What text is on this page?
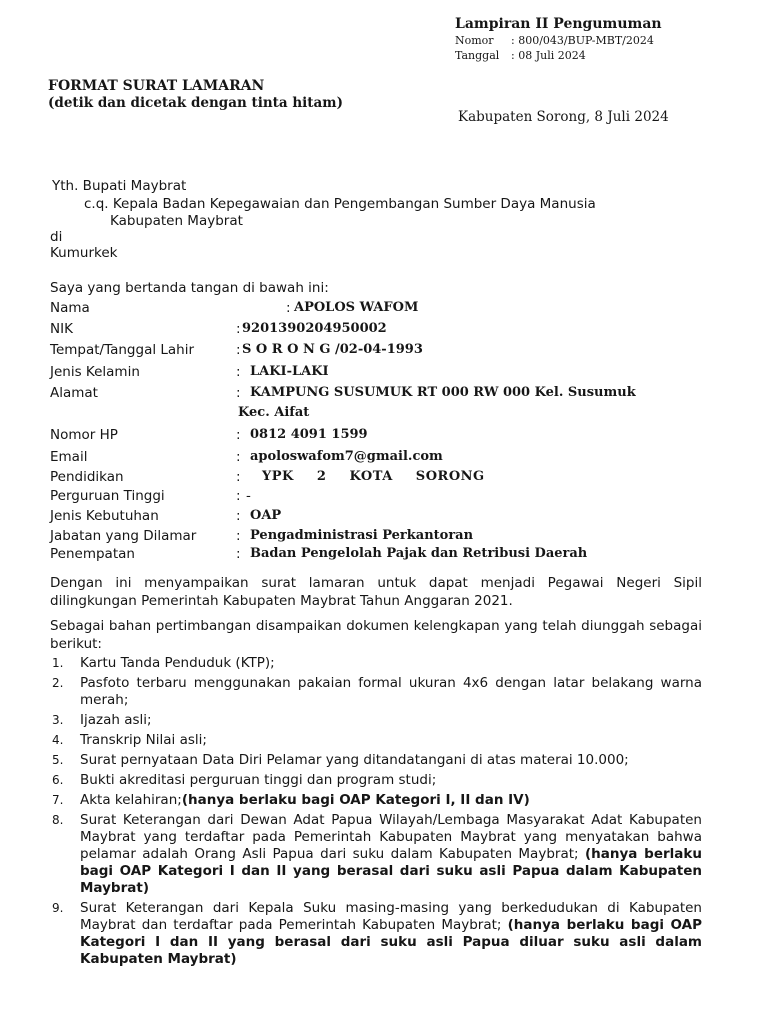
Lampiran II Pengumuman
Nomor : 800/043/BUP-MBT/2024
Tanggal : 08 Juli 2024
FORMAT SURAT LAMARAN
(detik dan dicetak dengan tinta hitam)
Kabupaten Sorong, 8 Juli 2024
Yth. Bupati Maybrat
c.q. Kepala Badan Kepegawaian dan Pengembangan Sumber Daya Manusia
Kabupaten Maybrat
di
Kumurkek
Saya yang bertanda tangan di bawah ini:
Nama	: APOLOS WAFOM
NIK	: 9201390204950002
Tempat/Tanggal Lahir	: S O R O N G /02-04-1993
Jenis Kelamin	: LAKI-LAKI
Alamat	: KAMPUNG SUSUMUK RT 000 RW 000 Kel. Susumuk
Kec. Aifat
Nomor HP	: 0812 4091 1599
Email	: apoloswafom7@gmail.com
Pendidikan	: YPK 2 KOTA SORONG
Perguruan Tinggi	: -
Jenis Kebutuhan	: OAP
Jabatan yang Dilamar	: Pengadministrasi Perkantoran
Penempatan	: Badan Pengelolah Pajak dan Retribusi Daerah
Dengan ini menyampaikan surat lamaran untuk dapat menjadi Pegawai Negeri Sipil dilingkungan Pemerintah Kabupaten Maybrat Tahun Anggaran 2021.
Sebagai bahan pertimbangan disampaikan dokumen kelengkapan yang telah diunggah sebagai berikut:
1. Kartu Tanda Penduduk (KTP);
2. Pasfoto terbaru menggunakan pakaian formal ukuran 4x6 dengan latar belakang warna merah;
3. Ijazah asli;
4. Transkrip Nilai asli;
5. Surat pernyataan Data Diri Pelamar yang ditandatangani di atas materai 10.000;
6. Bukti akreditasi perguruan tinggi dan program studi;
7. Akta kelahiran;(hanya berlaku bagi OAP Kategori I, II dan IV)
8. Surat Keterangan dari Dewan Adat Papua Wilayah/Lembaga Masyarakat Adat Kabupaten Maybrat yang terdaftar pada Pemerintah Kabupaten Maybrat yang menyatakan bahwa pelamar adalah Orang Asli Papua dari suku dalam Kabupaten Maybrat; (hanya berlaku bagi OAP Kategori I dan II yang berasal dari suku asli Papua dalam Kabupaten Maybrat)
9. Surat Keterangan dari Kepala Suku masing-masing yang berkedudukan di Kabupaten Maybrat dan terdaftar pada Pemerintah Kabupaten Maybrat; (hanya berlaku bagi OAP Kategori I dan II yang berasal dari suku asli Papua diluar suku asli dalam Kabupaten Maybrat)
